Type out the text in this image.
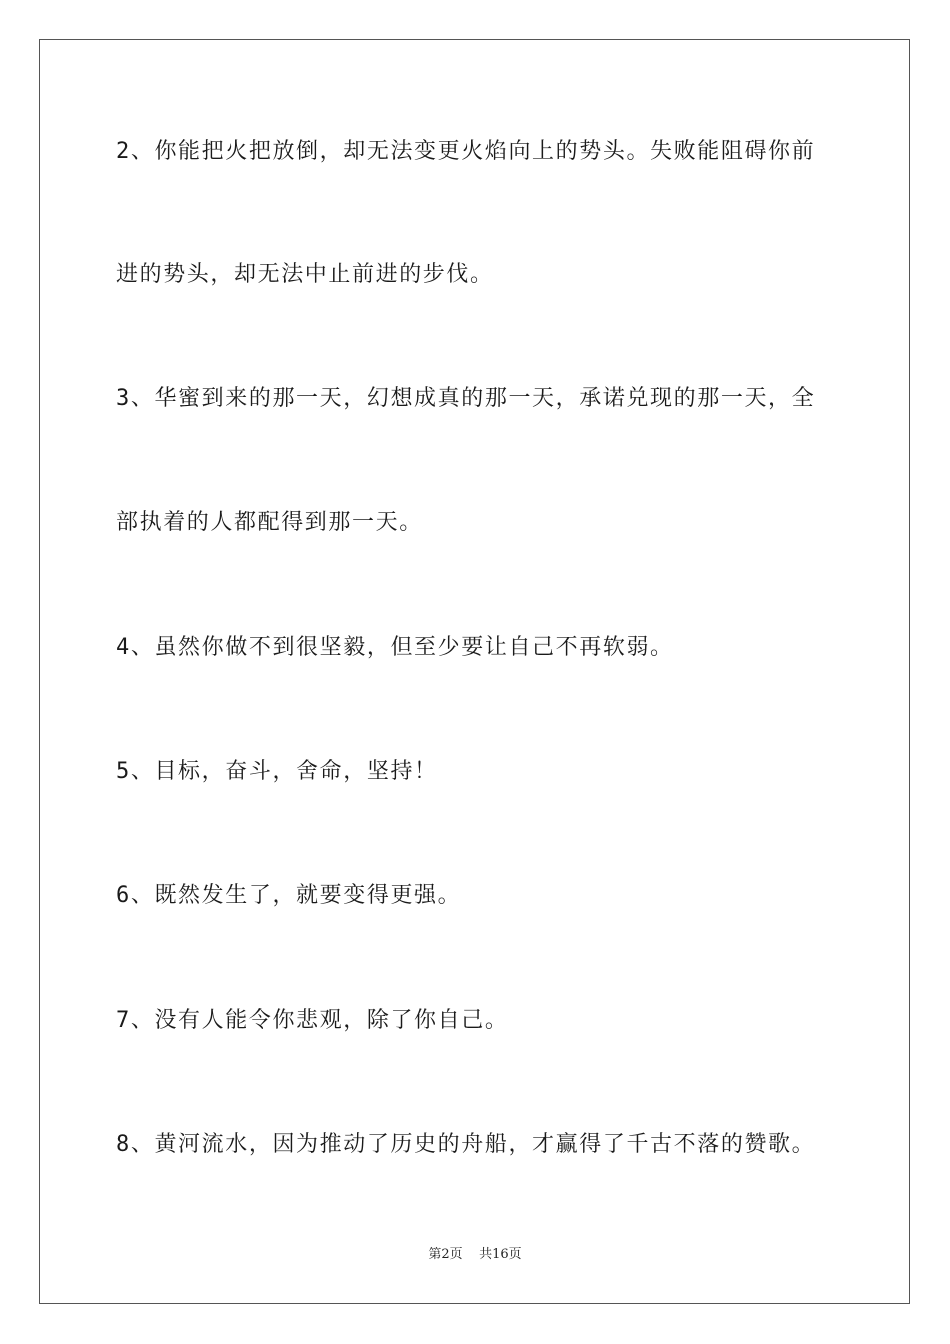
2、你能把火把放倒，却无法变更火焰向上的势头。失败能阻碍你前
进的势头，却无法中止前进的步伐。
3、华蜜到来的那一天，幻想成真的那一天，承诺兑现的那一天，全
部执着的人都配得到那一天。
4、虽然你做不到很坚毅，但至少要让自己不再软弱。
5、目标，奋斗，舍命，坚持！
6、既然发生了，就要变得更强。
7、没有人能令你悲观，除了你自己。
8、黄河流水，因为推动了历史的舟船，才赢得了千古不落的赞歌。
第2页 共16页
